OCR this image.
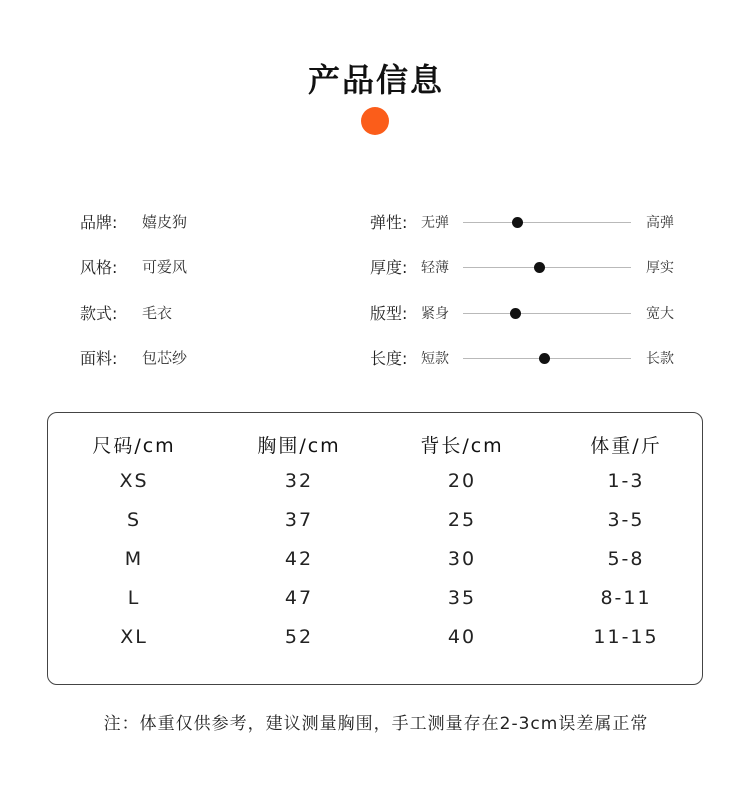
产品信息
品牌: 嬉皮狗	弹性: 无弹	高弹
风格: 可爱风	厚度: 轻薄	厚实
款式: 毛衣	版型: 紧身	宽大
面料: 包芯纱	长度: 短款	长款
尺码/cm	胸围/cm	背长/cm	体重/斤
XS	32	20	1-3
S	37	25	3-5
M	42	30	5-8
L	47	35	8-11
XL	52	40	11-15
注：体重仅供参考，建议测量胸围，手工测量存在2-3cm误差属正常
